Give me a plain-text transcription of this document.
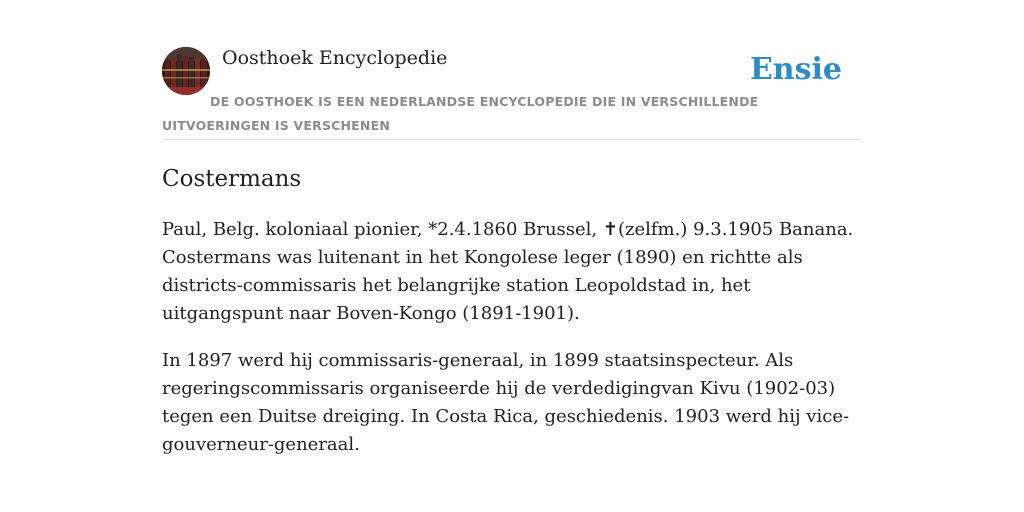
Oosthoek Encyclopedie	Ensie
DE OOSTHOEK IS EEN NEDERLANDSE ENCYCLOPEDIE DIE IN VERSCHILLENDE UITVOERINGEN IS VERSCHENEN
Costermans

Paul, Belg. koloniaal pionier, *2.4.1860 Brussel, ✝(zelfm.) 9.3.1905 Banana. Costermans was luitenant in het Kongolese leger (1890) en richtte als districts-commissaris het belangrijke station Leopoldstad in, het uitgangspunt naar Boven-Kongo (1891-1901).

In 1897 werd hij commissaris-generaal, in 1899 staatsinspecteur. Als regeringscommissaris organiseerde hij de verdedigingvan Kivu (1902-03) tegen een Duitse dreiging. In Costa Rica, geschiedenis. 1903 werd hij vice-gouverneur-generaal.
